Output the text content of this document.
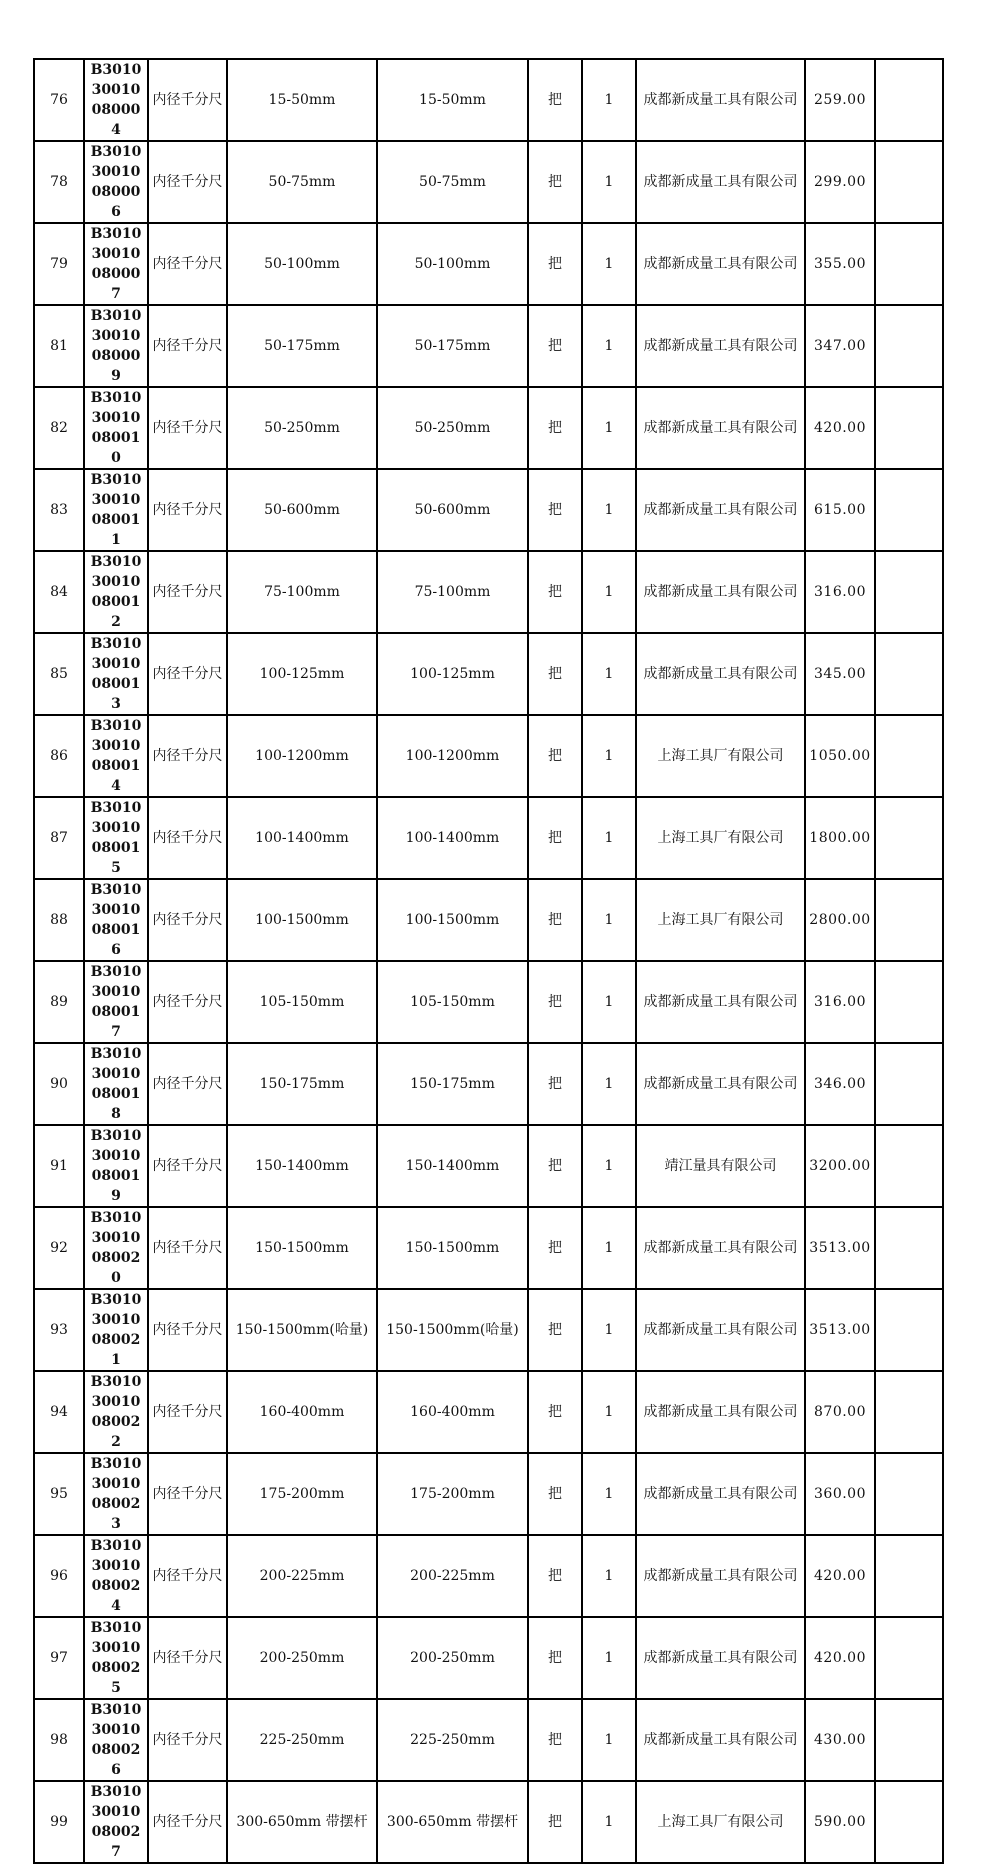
76	B301030010080004	内径千分尺	15-50mm	15-50mm	把	1	成都新成量工具有限公司	259.00	
78	B301030010080006	内径千分尺	50-75mm	50-75mm	把	1	成都新成量工具有限公司	299.00	
79	B301030010080007	内径千分尺	50-100mm	50-100mm	把	1	成都新成量工具有限公司	355.00	
81	B301030010080009	内径千分尺	50-175mm	50-175mm	把	1	成都新成量工具有限公司	347.00	
82	B301030010080010	内径千分尺	50-250mm	50-250mm	把	1	成都新成量工具有限公司	420.00	
83	B301030010080011	内径千分尺	50-600mm	50-600mm	把	1	成都新成量工具有限公司	615.00	
84	B301030010080012	内径千分尺	75-100mm	75-100mm	把	1	成都新成量工具有限公司	316.00	
85	B301030010080013	内径千分尺	100-125mm	100-125mm	把	1	成都新成量工具有限公司	345.00	
86	B301030010080014	内径千分尺	100-1200mm	100-1200mm	把	1	上海工具厂有限公司	1050.00	
87	B301030010080015	内径千分尺	100-1400mm	100-1400mm	把	1	上海工具厂有限公司	1800.00	
88	B301030010080016	内径千分尺	100-1500mm	100-1500mm	把	1	上海工具厂有限公司	2800.00	
89	B301030010080017	内径千分尺	105-150mm	105-150mm	把	1	成都新成量工具有限公司	316.00	
90	B301030010080018	内径千分尺	150-175mm	150-175mm	把	1	成都新成量工具有限公司	346.00	
91	B301030010080019	内径千分尺	150-1400mm	150-1400mm	把	1	靖江量具有限公司	3200.00	
92	B301030010080020	内径千分尺	150-1500mm	150-1500mm	把	1	成都新成量工具有限公司	3513.00	
93	B301030010080021	内径千分尺	150-1500mm(哈量)	150-1500mm(哈量)	把	1	成都新成量工具有限公司	3513.00	
94	B301030010080022	内径千分尺	160-400mm	160-400mm	把	1	成都新成量工具有限公司	870.00	
95	B301030010080023	内径千分尺	175-200mm	175-200mm	把	1	成都新成量工具有限公司	360.00	
96	B301030010080024	内径千分尺	200-225mm	200-225mm	把	1	成都新成量工具有限公司	420.00	
97	B301030010080025	内径千分尺	200-250mm	200-250mm	把	1	成都新成量工具有限公司	420.00	
98	B301030010080026	内径千分尺	225-250mm	225-250mm	把	1	成都新成量工具有限公司	430.00	
99	B301030010080027	内径千分尺	300-650mm 带摆杆	300-650mm 带摆杆	把	1	上海工具厂有限公司	590.00	
